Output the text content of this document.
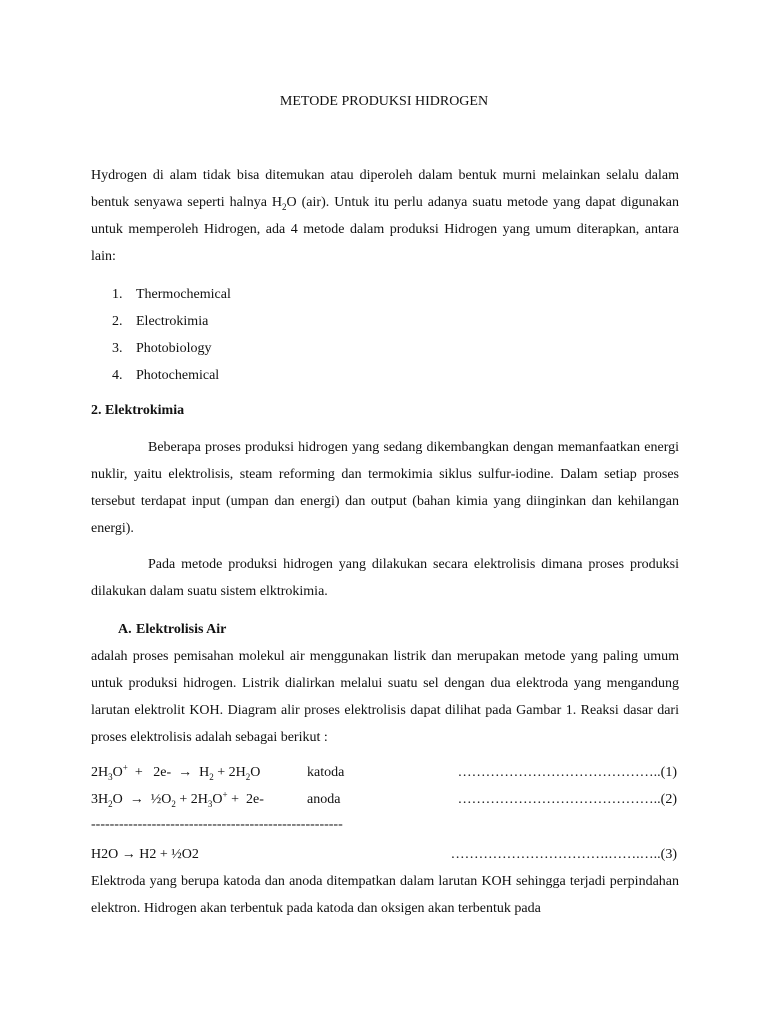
METODE PRODUKSI HIDROGEN

Hydrogen di alam tidak bisa ditemukan atau diperoleh dalam bentuk murni melainkan selalu dalam bentuk senyawa seperti halnya $H_2O$ (air). Untuk itu perlu adanya suatu metode yang dapat digunakan untuk memperoleh Hidrogen, ada 4 metode dalam produksi Hidrogen yang umum diterapkan, antara lain:

1. Thermochemical
2. Electrokimia
3. Photobiology
4. Photochemical
2. Elektrokimia

Beberapa proses produksi hidrogen yang sedang dikembangkan dengan memanfaatkan energi nuklir, yaitu elektrolisis, steam reforming dan termokimia siklus sulfur-iodine. Dalam setiap proses tersebut terdapat input (umpan dan energi) dan output (bahan kimia yang diinginkan dan kehilangan energi).

Pada metode produksi hidrogen yang dilakukan secara elektrolisis dimana proses produksi dilakukan dalam suatu sistem elktrokimia.

A. Elektrolisis Air

adalah proses pemisahan molekul air menggunakan listrik dan merupakan metode yang paling umum untuk produksi hidrogen. Listrik dialirkan melalui suatu sel dengan dua elektroda yang mengandung larutan elektrolit KOH. Diagram alir proses elektrolisis dapat dilihat pada Gambar 1. Reaksi dasar dari proses elektrolisis adalah sebagai berikut :

$2H_3O^+ + 2e- \to H_2 + 2H_2O$	katoda	……………………………………..(1)
$3H_2O$  →  $\frac{1}{2}O_2 + 2H_3O^+ + 2e-$	anoda	……………………………………..(2)
------------------------------------------------------
H2O → H2 + ½O2	…………………………….…….…..(3)

Elektroda yang berupa katoda dan anoda ditempatkan dalam larutan KOH sehingga terjadi perpindahan elektron. Hidrogen akan terbentuk pada katoda dan oksigen akan terbentuk pada
